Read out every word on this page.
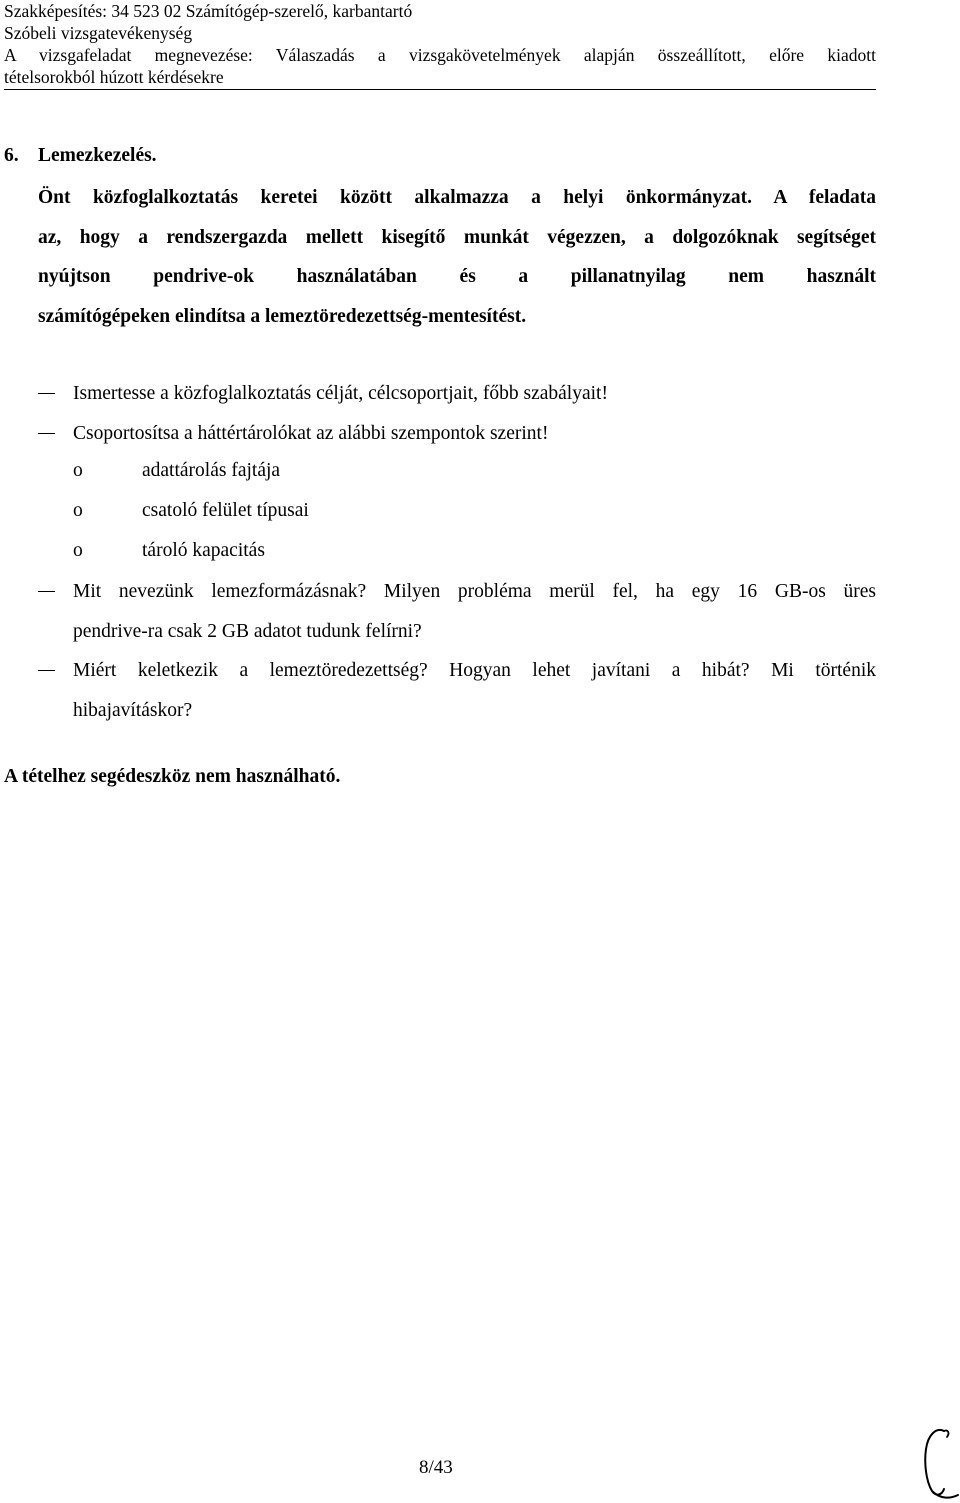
Szakképesítés: 34 523 02 Számítógép-szerelő, karbantartó
Szóbeli vizsgatevékenység
A vizsgafeladat megnevezése: Válaszadás a vizsgakövetelmények alapján összeállított, előre kiadott
tételsorokból húzott kérdésekre
6. Lemezkezelés.
Önt közfoglalkoztatás keretei között alkalmazza a helyi önkormányzat. A feladata
az, hogy a rendszergazda mellett kisegítő munkát végezzen, a dolgozóknak segítséget
nyújtson pendrive-ok használatában és a pillanatnyilag nem használt
számítógépeken elindítsa a lemeztöredezettség-mentesítést.
Ismertesse a közfoglalkoztatás célját, célcsoportjait, főbb szabályait!
Csoportosítsa a háttértárolókat az alábbi szempontok szerint!
o	adattárolás fajtája
o	csatoló felület típusai
o	tároló kapacitás
Mit nevezünk lemezformázásnak? Milyen probléma merül fel, ha egy 16 GB-os üres
pendrive-ra csak 2 GB adatot tudunk felírni?
Miért keletkezik a lemeztöredezettség? Hogyan lehet javítani a hibát? Mi történik
hibajavításkor?
A tételhez segédeszköz nem használható.
8/43
